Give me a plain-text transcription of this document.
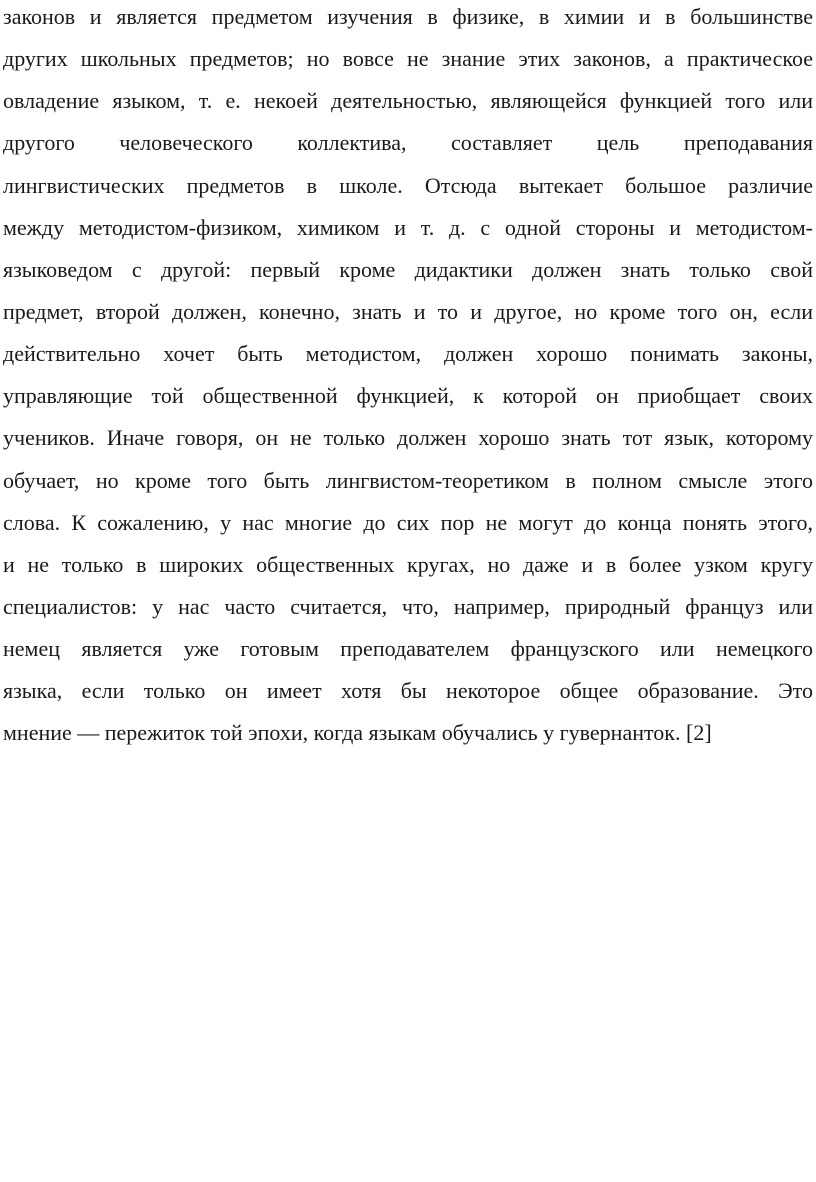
законов и является предметом изучения в физике, в химии и в большинстве
других школьных предметов; но вовсе не знание этих законов, а практическое
овладение языком, т. е. некоей деятельностью, являющейся функцией того или
другого человеческого коллектива, составляет цель преподавания
лингвистических предметов в школе. Отсюда вытекает большое различие
между методистом-физиком, химиком и т. д. с одной стороны и методистом-
языковедом с другой: первый кроме дидактики должен знать только свой
предмет, второй должен, конечно, знать и то и другое, но кроме того он, если
действительно хочет быть методистом, должен хорошо понимать законы,
управляющие той общественной функцией, к которой он приобщает своих
учеников. Иначе говоря, он не только должен хорошо знать тот язык, которому
обучает, но кроме того быть лингвистом-теоретиком в полном смысле этого
слова. К сожалению, у нас многие до сих пор не могут до конца понять этого,
и не только в широких общественных кругах, но даже и в более узком кругу
специалистов: у нас часто считается, что, например, природный француз или
немец является уже готовым преподавателем французского или немецкого
языка, если только он имеет хотя бы некоторое общее образование. Это
мнение — пережиток той эпохи, когда языкам обучались у гувернанток. [2]
